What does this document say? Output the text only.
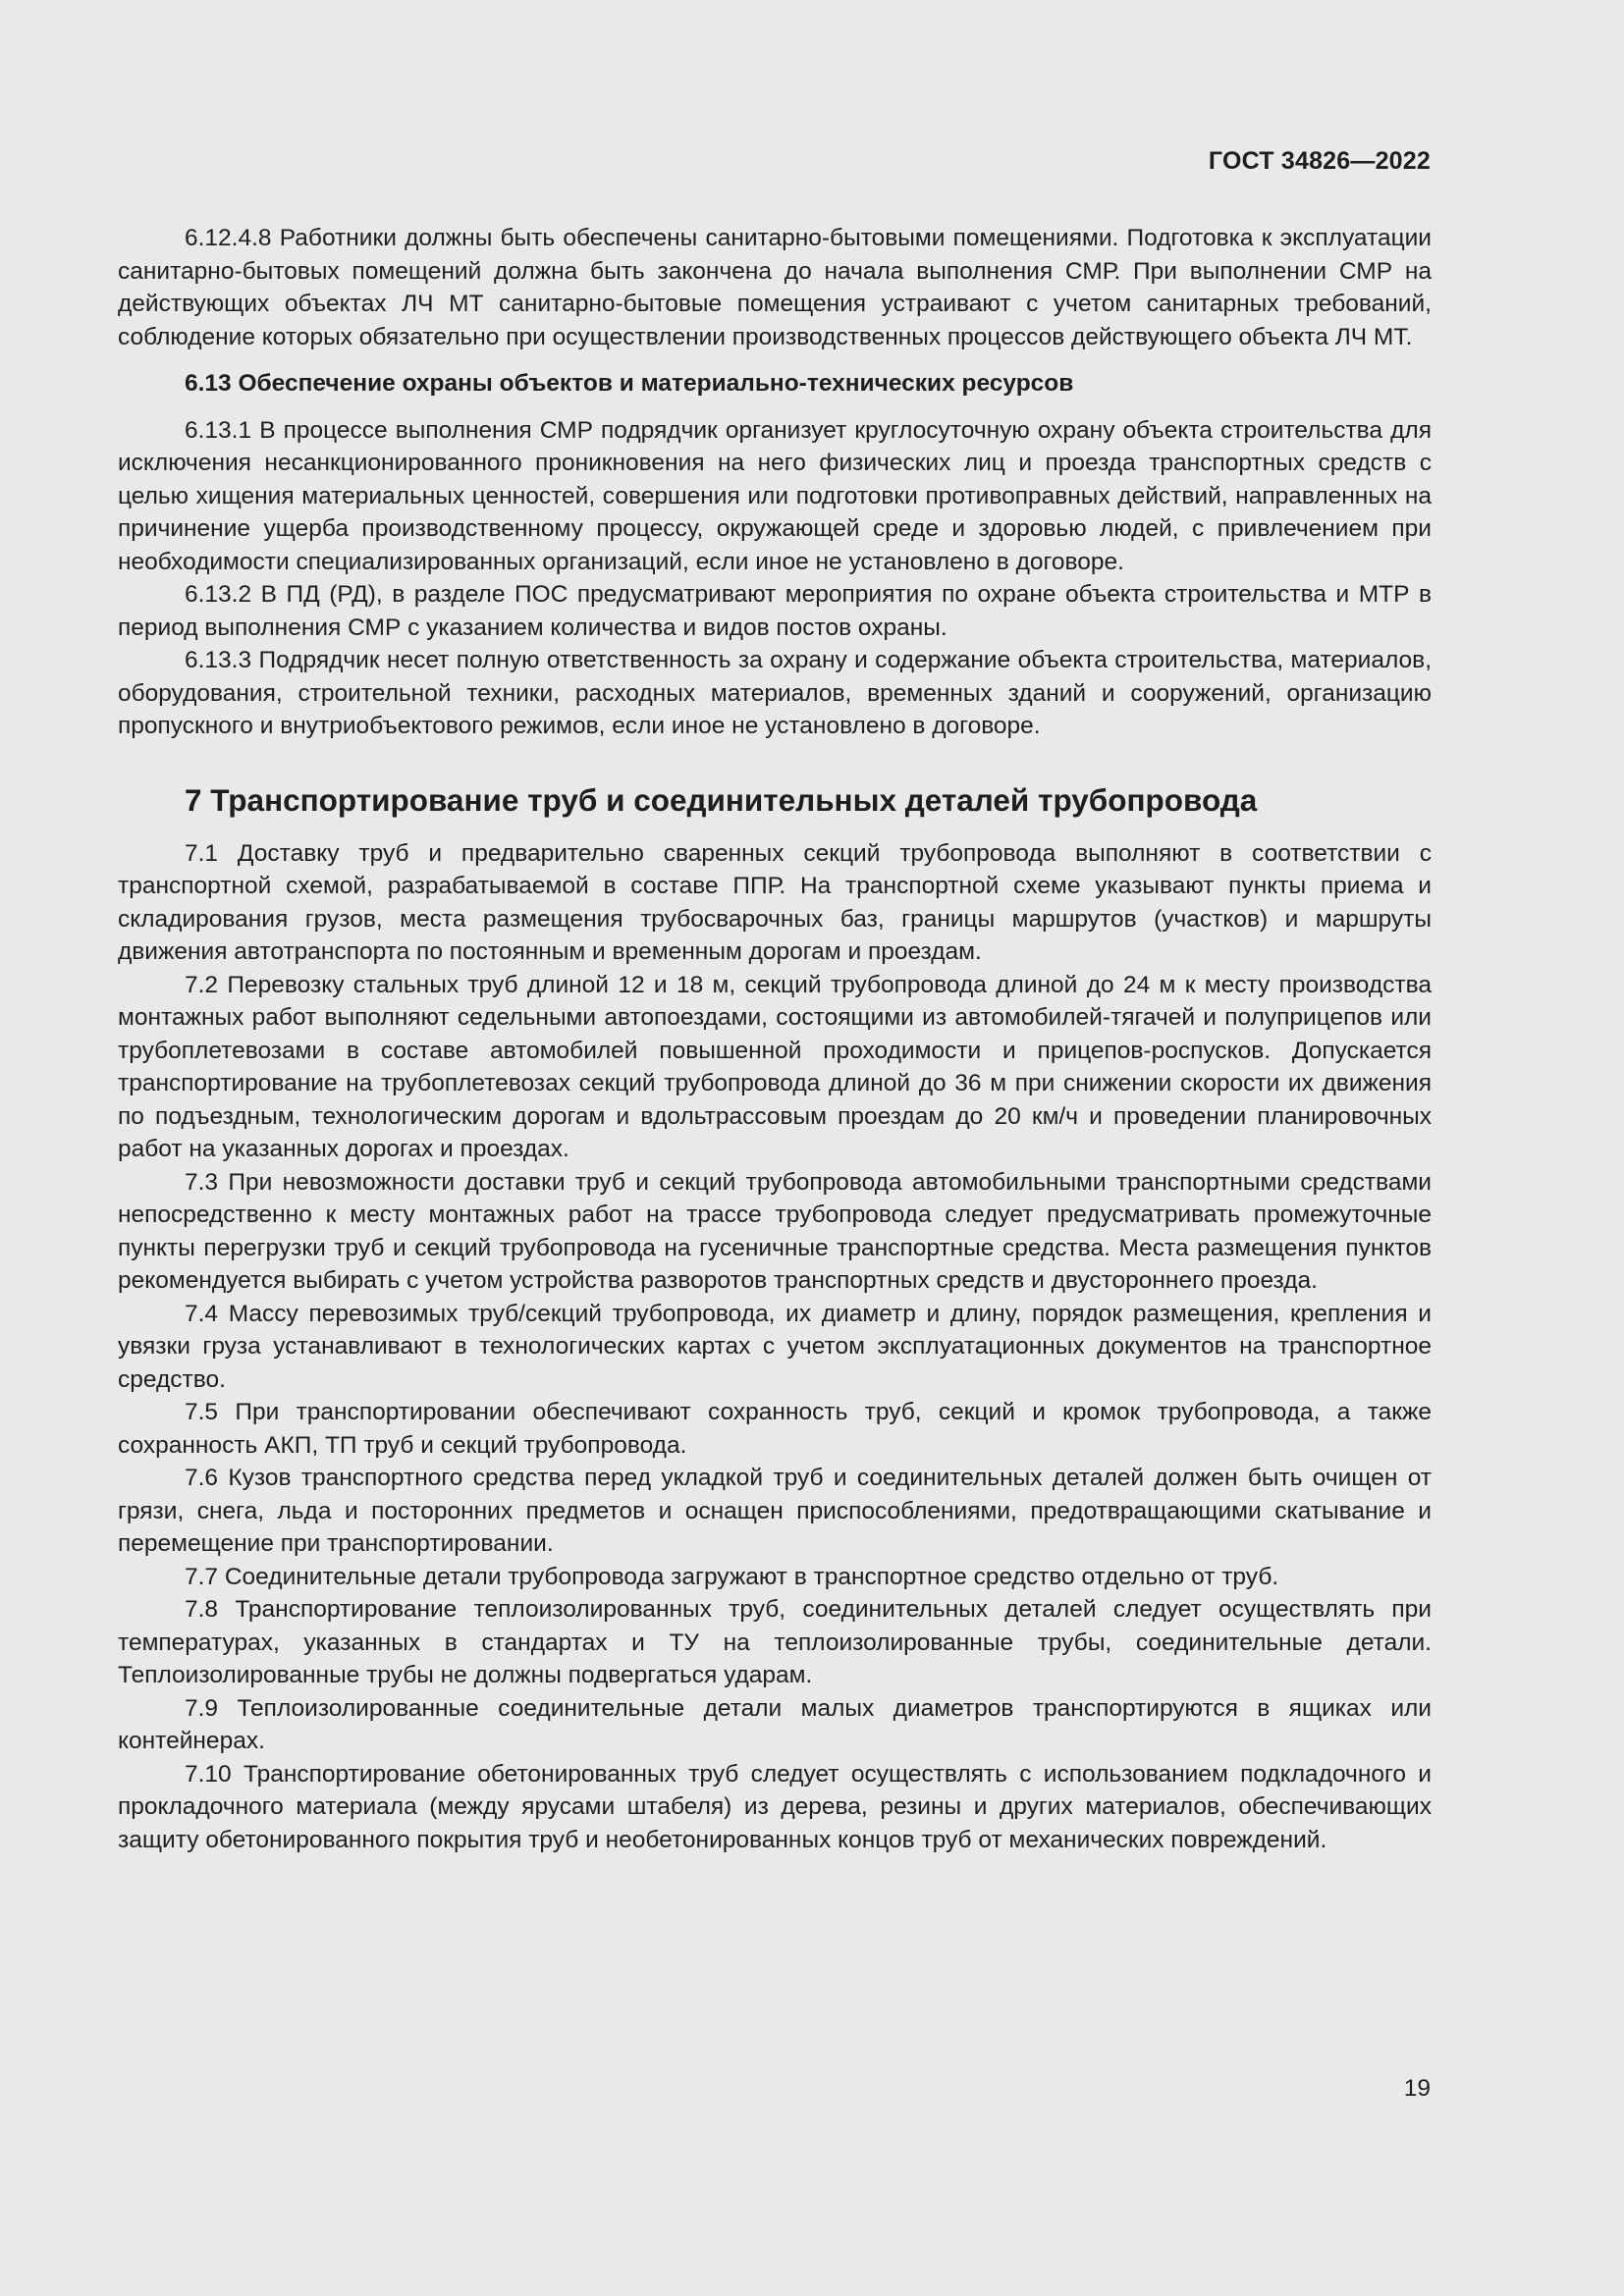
ГОСТ 34826—2022

6.12.4.8 Работники должны быть обеспечены санитарно-бытовыми помещениями. Подготовка к эксплуатации санитарно-бытовых помещений должна быть закончена до начала выполнения СМР. При выполнении СМР на действующих объектах ЛЧ МТ санитарно-бытовые помещения устраивают с учетом санитарных требований, соблюдение которых обязательно при осуществлении производственных процессов действующего объекта ЛЧ МТ.

6.13 Обеспечение охраны объектов и материально-технических ресурсов

6.13.1 В процессе выполнения СМР подрядчик организует круглосуточную охрану объекта строительства для исключения несанкционированного проникновения на него физических лиц и проезда транспортных средств с целью хищения материальных ценностей, совершения или подготовки противоправных действий, направленных на причинение ущерба производственному процессу, окружающей среде и здоровью людей, с привлечением при необходимости специализированных организаций, если иное не установлено в договоре.

6.13.2 В ПД (РД), в разделе ПОС предусматривают мероприятия по охране объекта строительства и МТР в период выполнения СМР с указанием количества и видов постов охраны.

6.13.3 Подрядчик несет полную ответственность за охрану и содержание объекта строительства, материалов, оборудования, строительной техники, расходных материалов, временных зданий и сооружений, организацию пропускного и внутриобъектового режимов, если иное не установлено в договоре.

7 Транспортирование труб и соединительных деталей трубопровода

7.1 Доставку труб и предварительно сваренных секций трубопровода выполняют в соответствии с транспортной схемой, разрабатываемой в составе ППР. На транспортной схеме указывают пункты приема и складирования грузов, места размещения трубосварочных баз, границы маршрутов (участков) и маршруты движения автотранспорта по постоянным и временным дорогам и проездам.

7.2 Перевозку стальных труб длиной 12 и 18 м, секций трубопровода длиной до 24 м к месту производства монтажных работ выполняют седельными автопоездами, состоящими из автомобилей-тягачей и полуприцепов или трубоплетевозами в составе автомобилей повышенной проходимости и прицепов-роспусков. Допускается транспортирование на трубоплетевозах секций трубопровода длиной до 36 м при снижении скорости их движения по подъездным, технологическим дорогам и вдольтрассовым проездам до 20 км/ч и проведении планировочных работ на указанных дорогах и проездах.

7.3 При невозможности доставки труб и секций трубопровода автомобильными транспортными средствами непосредственно к месту монтажных работ на трассе трубопровода следует предусматривать промежуточные пункты перегрузки труб и секций трубопровода на гусеничные транспортные средства. Места размещения пунктов рекомендуется выбирать с учетом устройства разворотов транспортных средств и двустороннего проезда.

7.4 Массу перевозимых труб/секций трубопровода, их диаметр и длину, порядок размещения, крепления и увязки груза устанавливают в технологических картах с учетом эксплуатационных документов на транспортное средство.

7.5 При транспортировании обеспечивают сохранность труб, секций и кромок трубопровода, а также сохранность АКП, ТП труб и секций трубопровода.

7.6 Кузов транспортного средства перед укладкой труб и соединительных деталей должен быть очищен от грязи, снега, льда и посторонних предметов и оснащен приспособлениями, предотвращающими скатывание и перемещение при транспортировании.

7.7 Соединительные детали трубопровода загружают в транспортное средство отдельно от труб.

7.8 Транспортирование теплоизолированных труб, соединительных деталей следует осуществлять при температурах, указанных в стандартах и ТУ на теплоизолированные трубы, соединительные детали. Теплоизолированные трубы не должны подвергаться ударам.

7.9 Теплоизолированные соединительные детали малых диаметров транспортируются в ящиках или контейнерах.

7.10 Транспортирование обетонированных труб следует осуществлять с использованием подкладочного и прокладочного материала (между ярусами штабеля) из дерева, резины и других материалов, обеспечивающих защиту обетонированного покрытия труб и необетонированных концов труб от механических повреждений.

19
